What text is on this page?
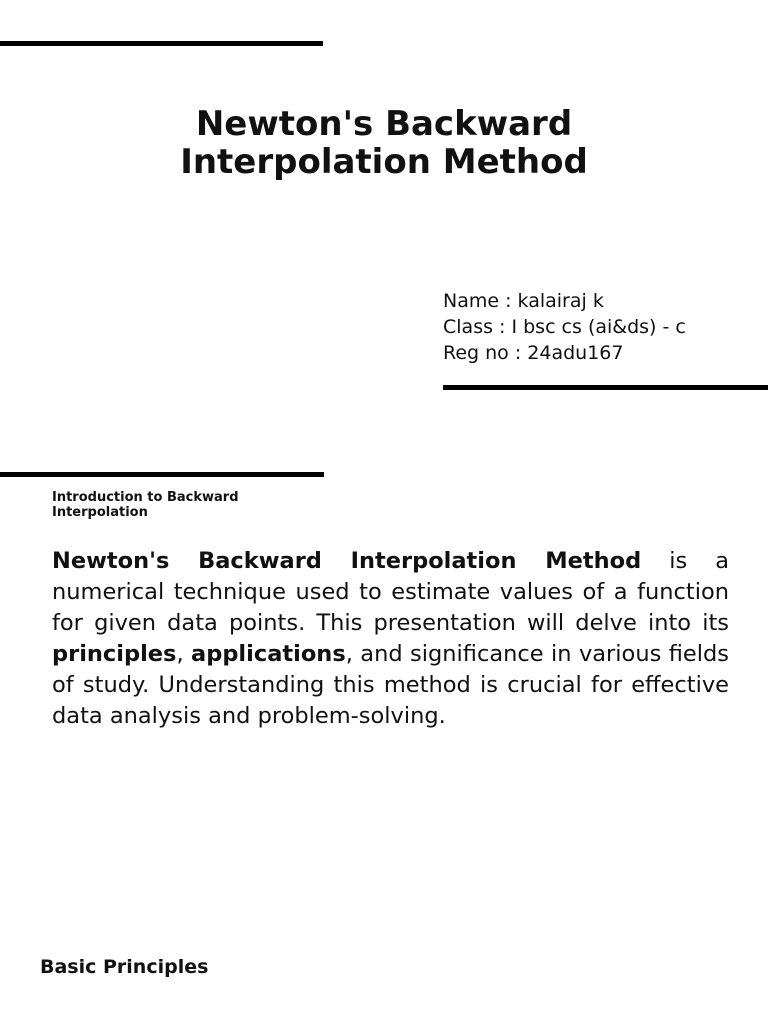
Newton's Backward
Interpolation Method
Name : kalairaj k
Class : I bsc cs (ai&ds) - c
Reg no : 24adu167
Introduction to Backward
Interpolation

Newton's Backward Interpolation Method is a numerical technique used to estimate values of a function for given data points. This presentation will delve into its principles, applications, and significance in various fields of study. Understanding this method is crucial for effective data analysis and problem-solving.

Basic Principles
